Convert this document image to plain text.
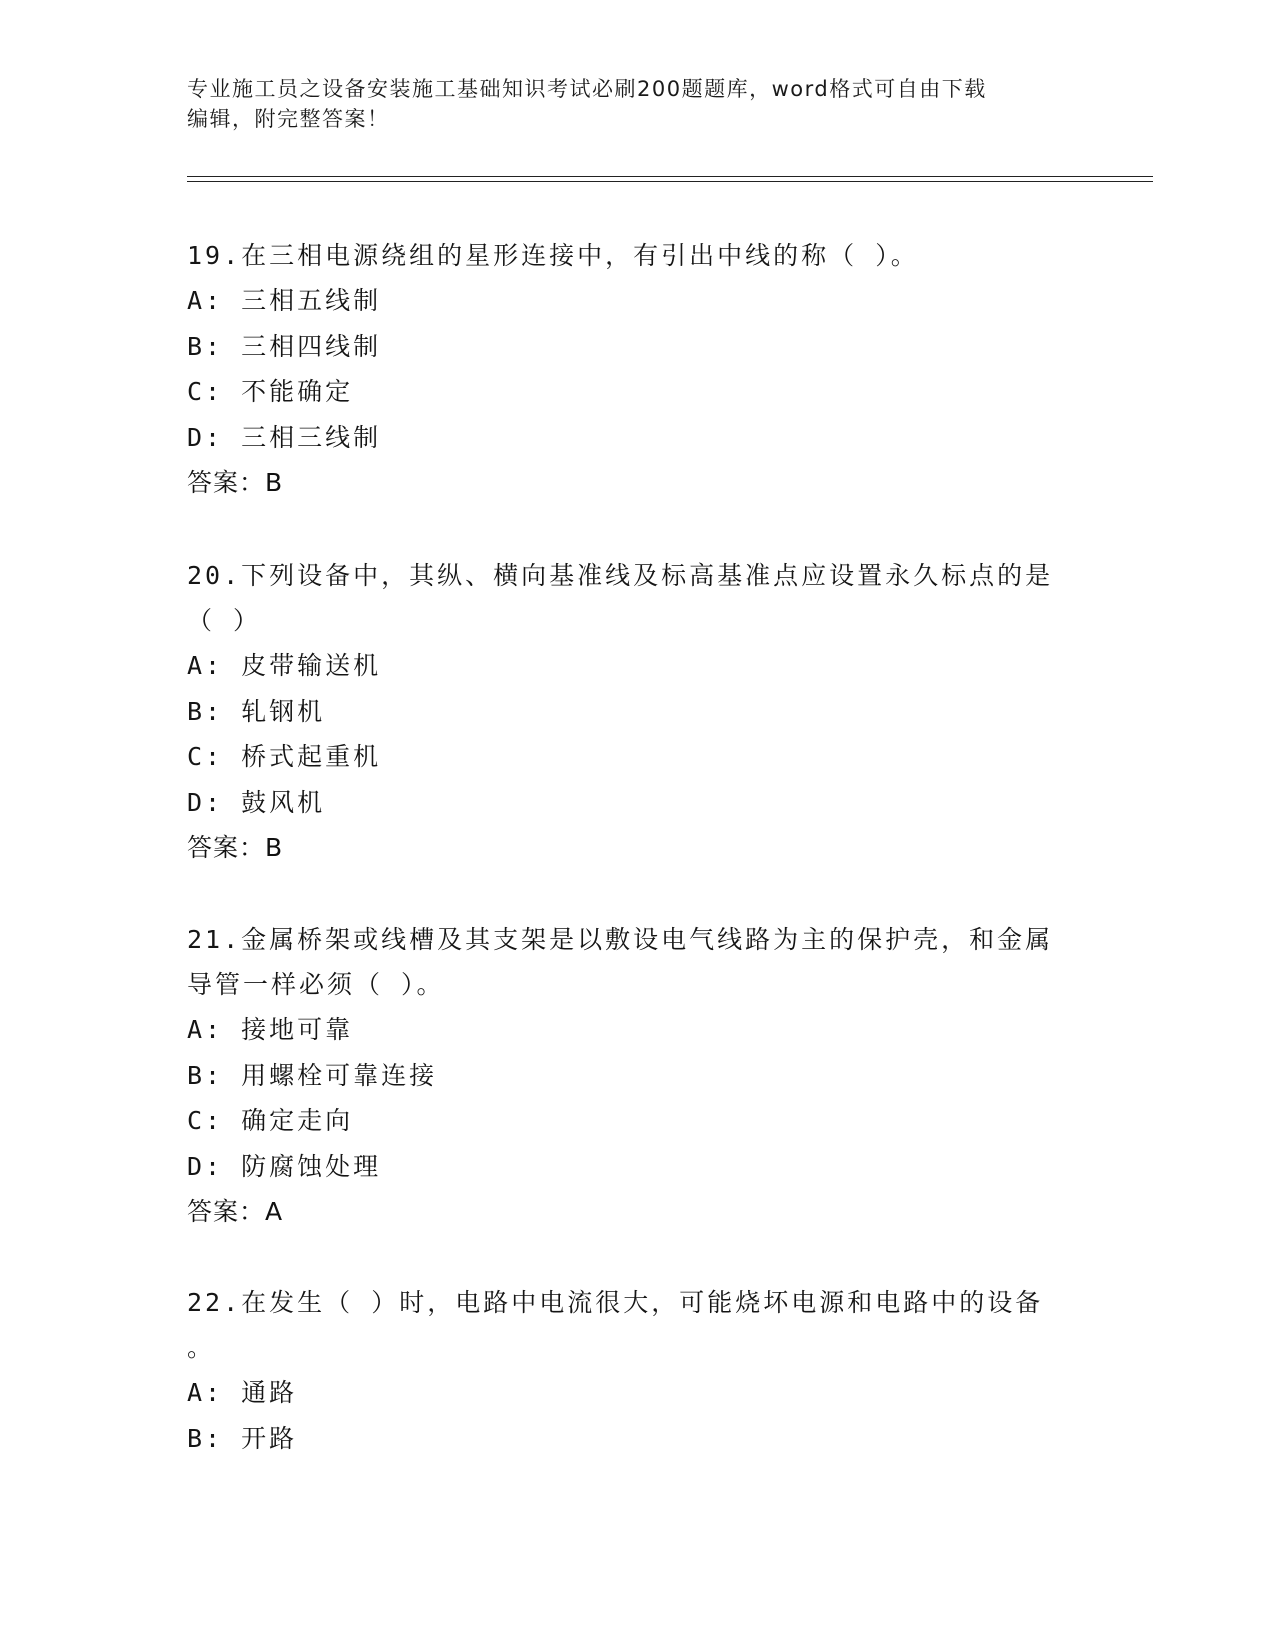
专业施工员之设备安装施工基础知识考试必刷200题题库，word格式可自由下载
编辑，附完整答案！

19.在三相电源绕组的星形连接中，有引出中线的称（ ）。

A: 三相五线制

B: 三相四线制

C: 不能确定

D: 三相三线制

答案：B

20.下列设备中，其纵、横向基准线及标高基准点应设置永久标点的是

（ ）

A: 皮带输送机

B: 轧钢机

C: 桥式起重机

D: 鼓风机

答案：B

21.金属桥架或线槽及其支架是以敷设电气线路为主的保护壳，和金属

导管一样必须（ ）。

A: 接地可靠

B: 用螺栓可靠连接

C: 确定走向

D: 防腐蚀处理

答案：A

22.在发生（ ）时，电路中电流很大，可能烧坏电源和电路中的设备

。

A: 通路

B: 开路
